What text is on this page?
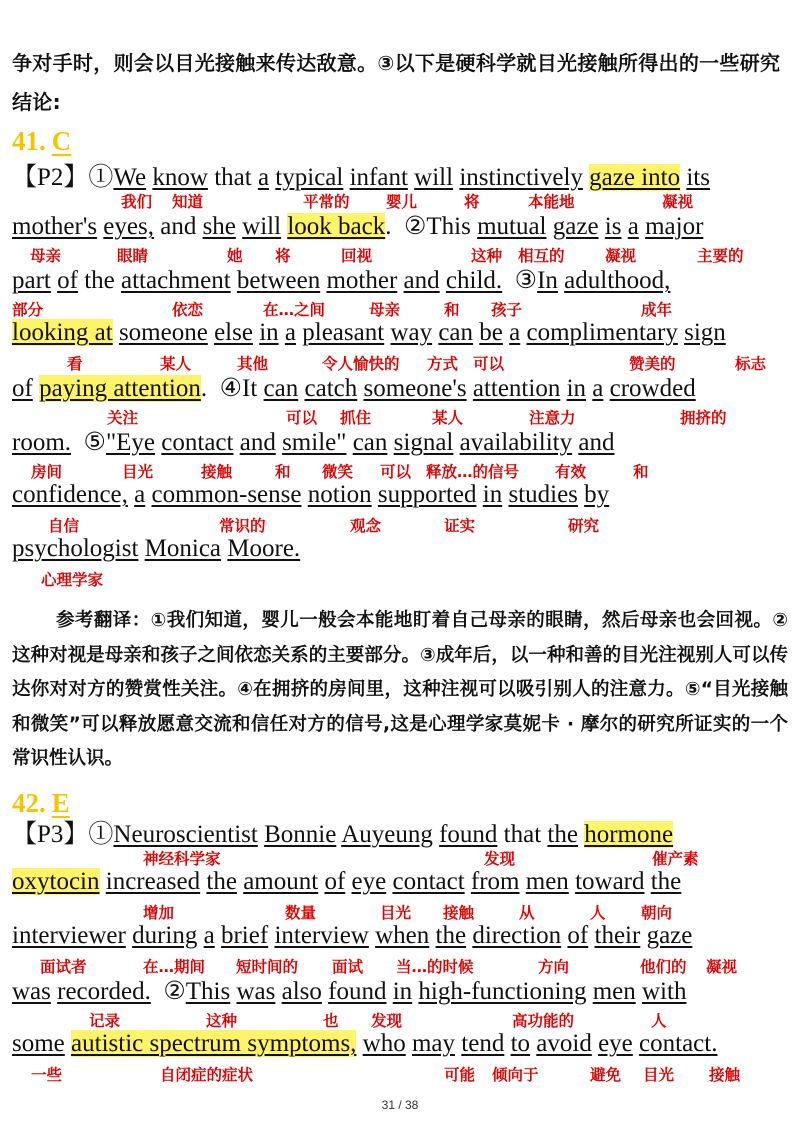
争对手时，则会以目光接触来传达敌意。③以下是硬科学就目光接触所得出的一些研究结论:
41. C
【P2】①We know that a typical infant will instinctively gaze into its
我们 知道	平常的 婴儿	将	本能地	凝视
mother's eyes, and she will look back.  ②This mutual gaze is a major
母亲	眼睛	她 将	回视	这种 相互的	凝视	主要的
part of the attachment between mother and child.  ③In adulthood,
部分	依恋	在…之间	母亲	和 孩子	成年
looking at someone else in a pleasant way can be a complimentary sign
看	某人	其他	令人愉快的 方式 可以	赞美的	标志
of paying attention.  ④It can catch someone's attention in a crowded
关注	可以 抓住	某人	注意力	拥挤的
room.  ⑤"Eye contact and smile" can signal availability and
房间	目光	接触	和 微笑 可以 释放…的信号 有效	和
confidence, a common-sense notion supported in studies by
自信	常识的	观念	证实	研究
psychologist Monica Moore.
心理学家
参考翻译：①我们知道，婴儿一般会本能地盯着自己母亲的眼睛，然后母亲也会回视。②这种对视是母亲和孩子之间依恋关系的主要部分。③成年后，以一种和善的目光注视别人可以传达你对对方的赞赏性关注。④在拥挤的房间里，这种注视可以吸引别人的注意力。⑤“目光接触和微笑”可以释放愿意交流和信任对方的信号,这是心理学家莫妮卡 · 摩尔的研究所证实的一个常识性认识。
42. E
【P3】①Neuroscientist Bonnie Auyeung found that the hormone
神经科学家	发现	催产素
oxytocin increased the amount of eye contact from men toward the
增加	数量	目光 接触	从	人 朝向
interviewer during a brief interview when the direction of their gaze
面试者	在…期间 短时间的 面试 当…的时候	方向	他们的 凝视
was recorded.  ②This was also found in high-functioning men with
记录	这种	也 发现	高功能的	人
some autistic spectrum symptoms, who may tend to avoid eye contact.
一些	自闭症的症状	可能 倾向于	避免 目光 接触
31 / 38
